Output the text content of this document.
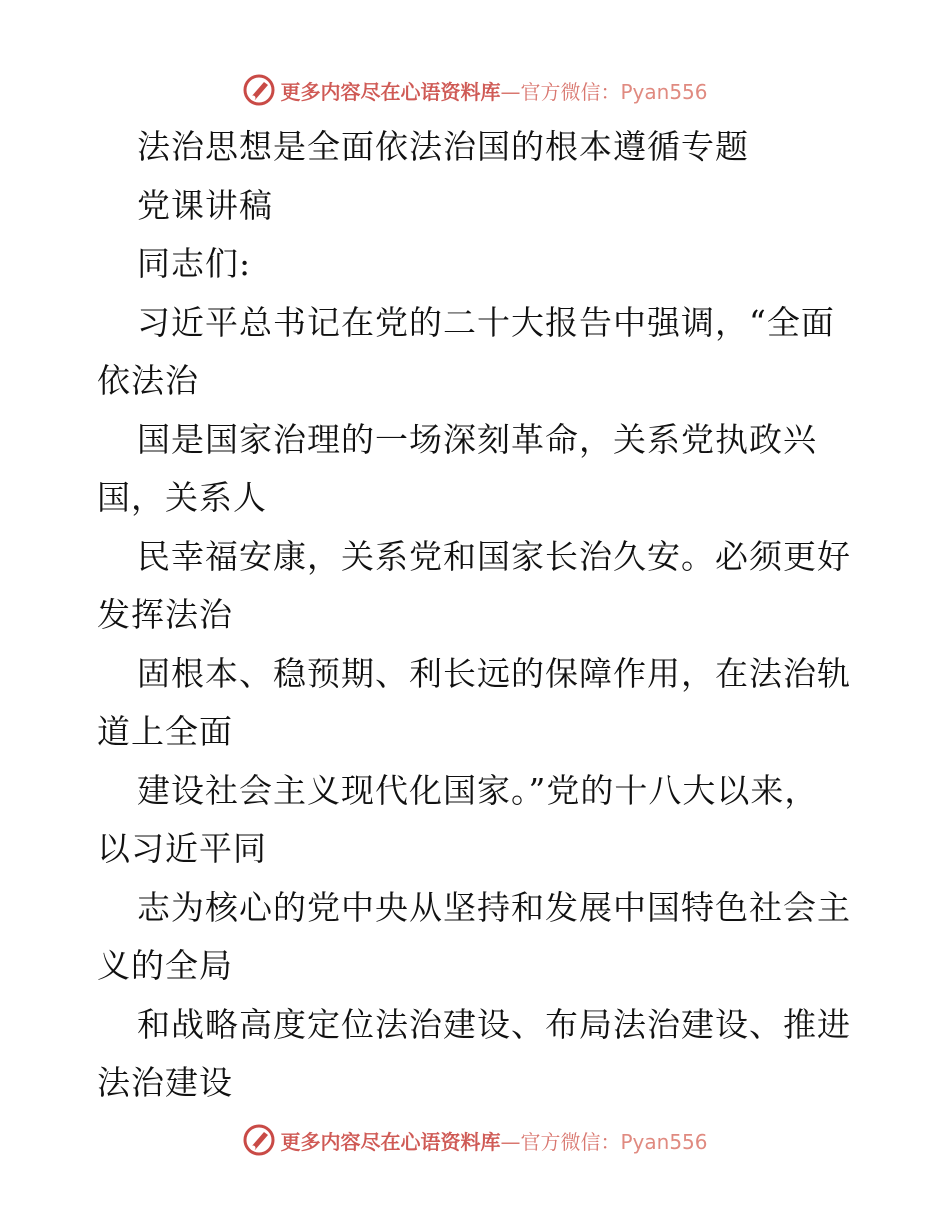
更多内容尽在心语资料库—官方微信：Pyan556
法治思想是全面依法治国的根本遵循专题
党课讲稿
同志们:
习近平总书记在党的二十大报告中强调，“全面
依法治
国是国家治理的一场深刻革命，关系党执政兴
国，关系人
民幸福安康，关系党和国家长治久安。必须更好
发挥法治
固根本、稳预期、利长远的保障作用，在法治轨
道上全面
建设社会主义现代化国家。”党的十八大以来，
以习近平同
志为核心的党中央从坚持和发展中国特色社会主
义的全局
和战略高度定位法治建设、布局法治建设、推进
法治建设
更多内容尽在心语资料库—官方微信：Pyan556
